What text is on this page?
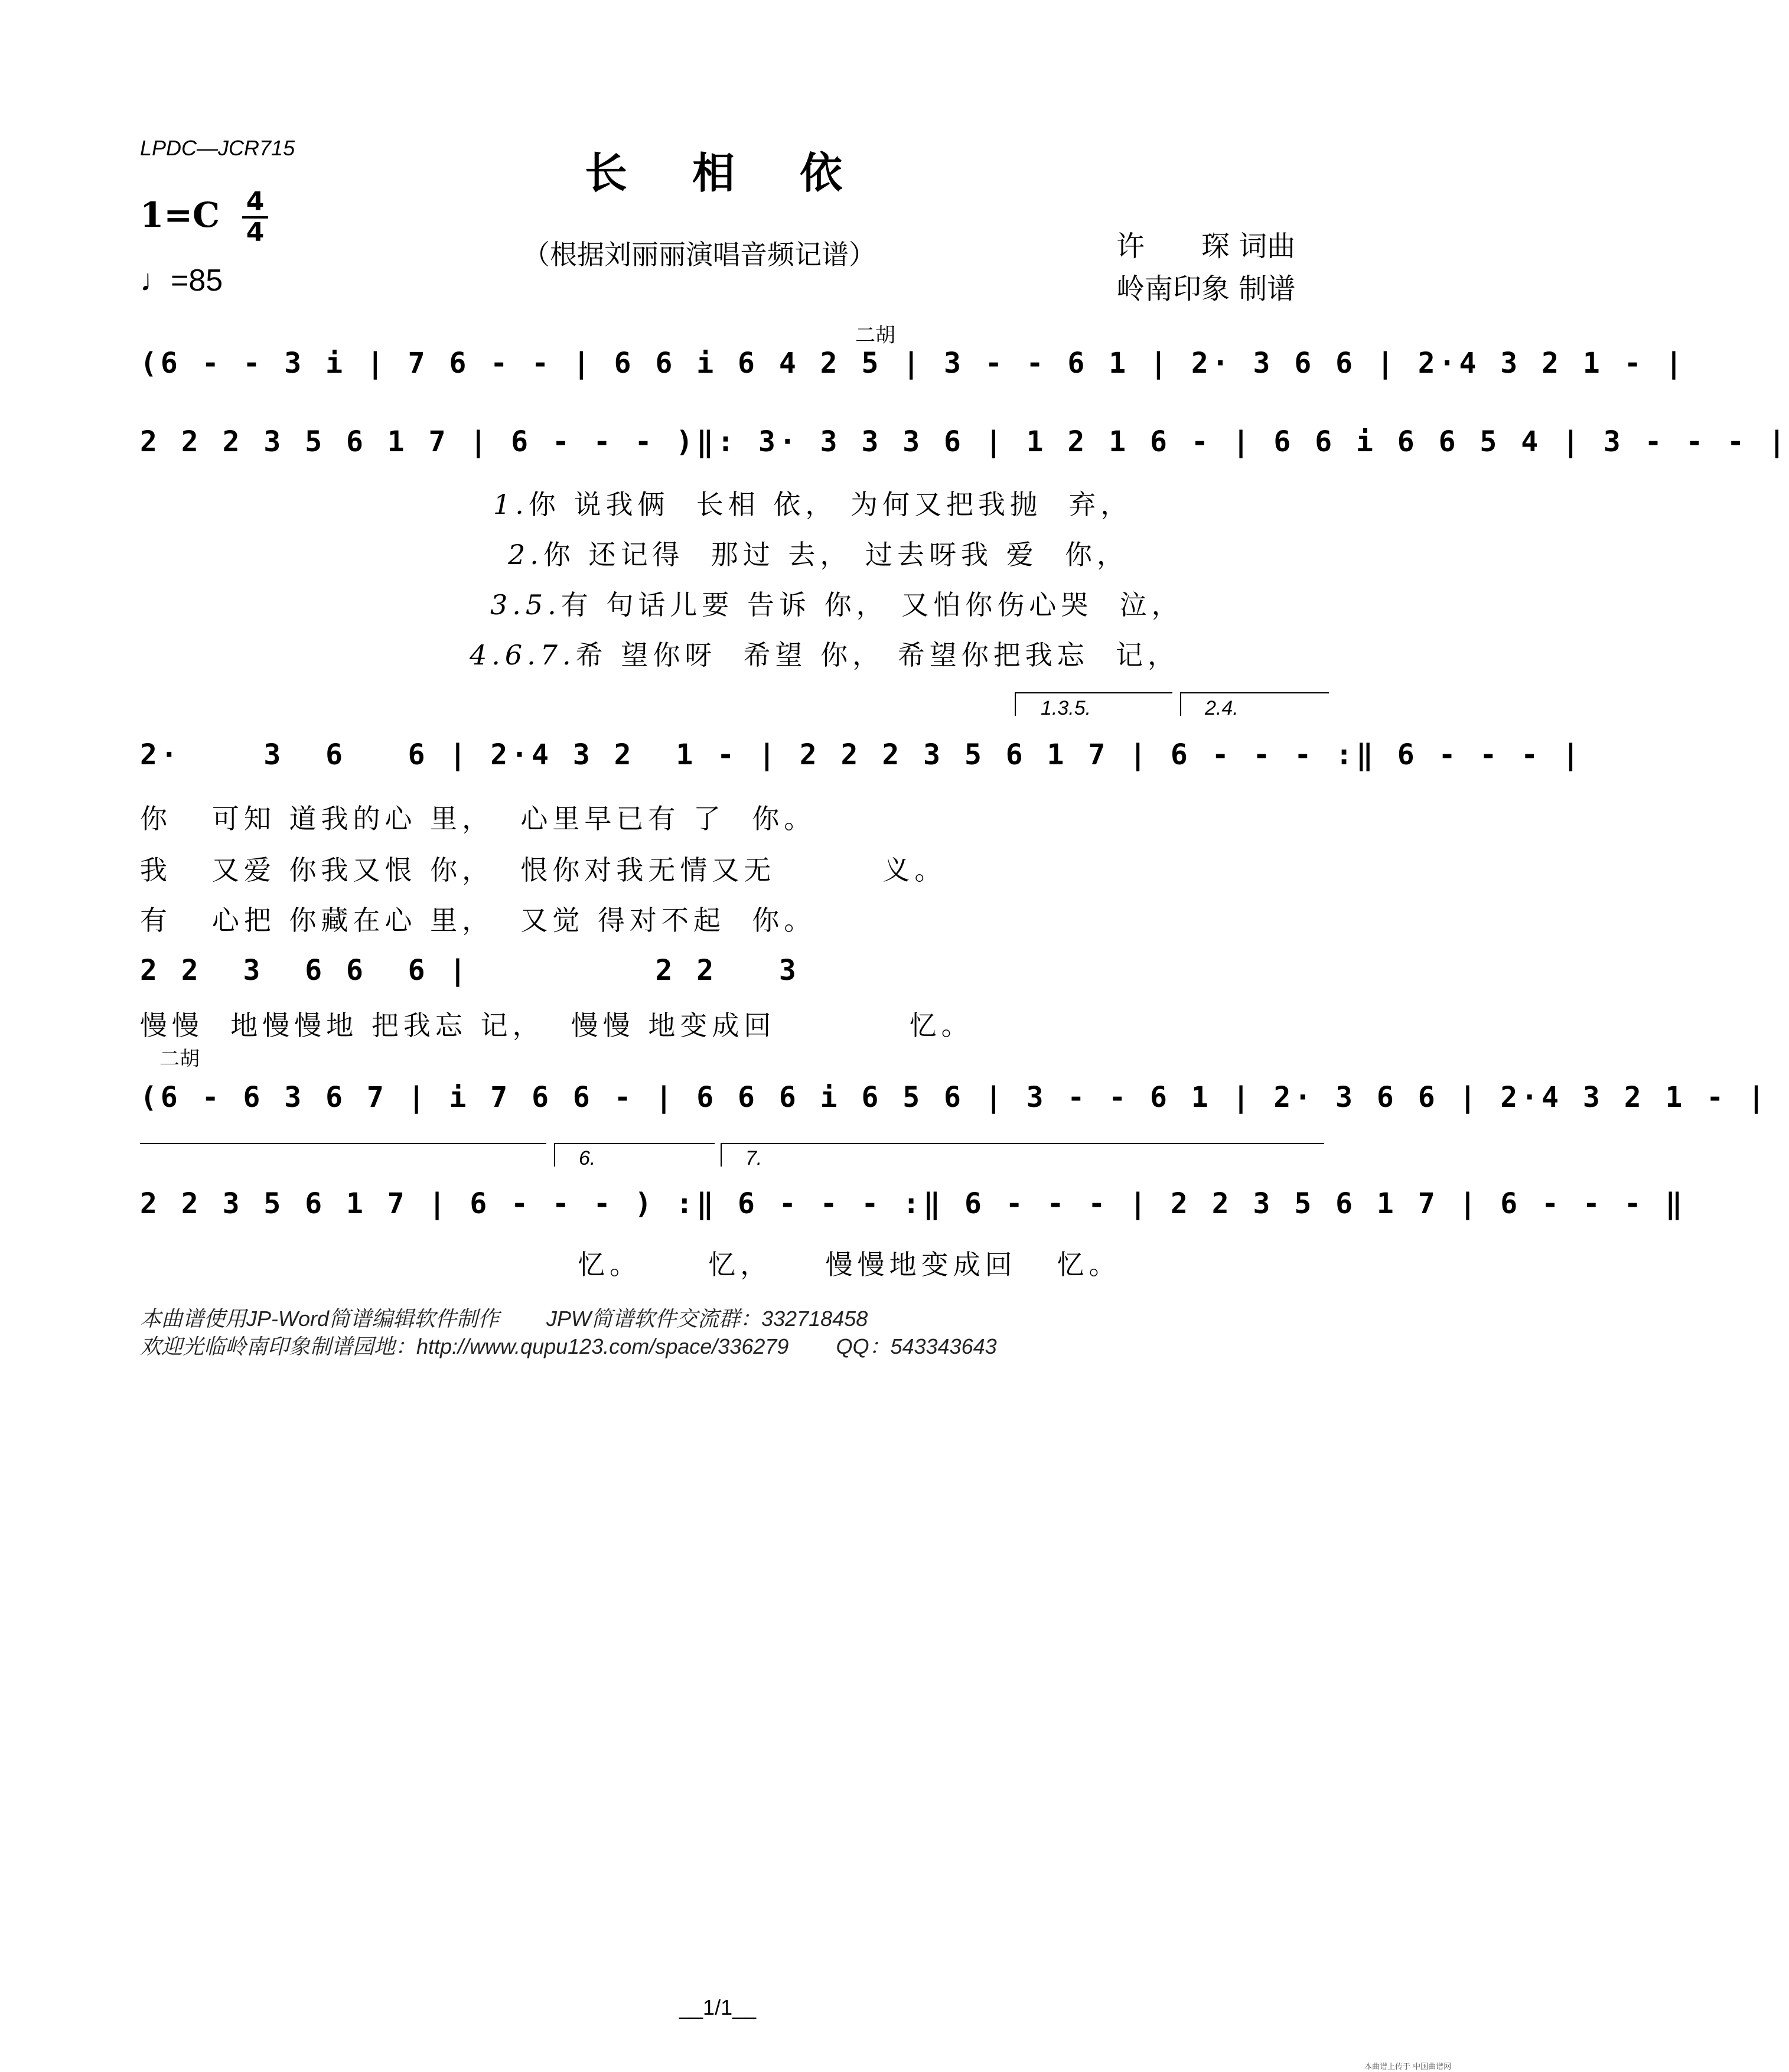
LPDC—JCR715	长相依
（根据刘丽丽演唱音频记谱）
1=C 4
4
♩=85
许　　琛 词曲
岭南印象 制谱
二胡
(6 - - 3 i | 7 6 - - | 6 6 i 6 4 2 5 | 3 - - 6 1 | 2· 3 6 6 | 2·4 3 2 1 - |
2 2 2 3 5 6 1 7 | 6 - - - )‖: 3· 3 3 3 6 | 1 2 1 6 - | 6 6 i 6 6 5 4 | 3 - - - |
1.你 说我俩  长相 依， 为何又把我抛  弃，
2.你 还记得  那过 去， 过去呀我 爱  你，
3.5.有 句话儿要 告诉 你， 又怕你伤心哭  泣，
4.6.7.希 望你呀  希望 你， 希望你把我忘  记，
1.3.5.	2.4.
2·    3  6   6 | 2·4 3 2  1 - | 2 2 2 3 5 6 1 7 | 6 - - - :‖ 6 - - - |
你   可知 道我的心 里，  心里早已有 了  你。
我   又爱 你我又恨 你，  恨你对我无情又无        义。
有   心把 你藏在心 里，  又觉 得对不起  你。
2 2  3  6 6  6 |         2 2   3
慢慢  地慢慢地 把我忘 记，  慢慢 地变成回          忆。
二胡
(6 - 6 3 6 7 | i 7 6 6 - | 6 6 6 i 6 5 6 | 3 - - 6 1 | 2· 3 6 6 | 2·4 3 2 1 - |
6.	7.
2 2 3 5 6 1 7 | 6 - - - ) :‖ 6 - - - :‖ 6 - - - | 2 2 3 5 6 1 7 | 6 - - - ‖
忆。     忆，    慢慢地变成回   忆。
本曲谱使用JP-Word简谱编辑软件制作        JPW简谱软件交流群：332718458
欢迎光临岭南印象制谱园地：http://www.qupu123.com/space/336279        QQ：543343643
__1/1__
本曲谱上传于 中国曲谱网
